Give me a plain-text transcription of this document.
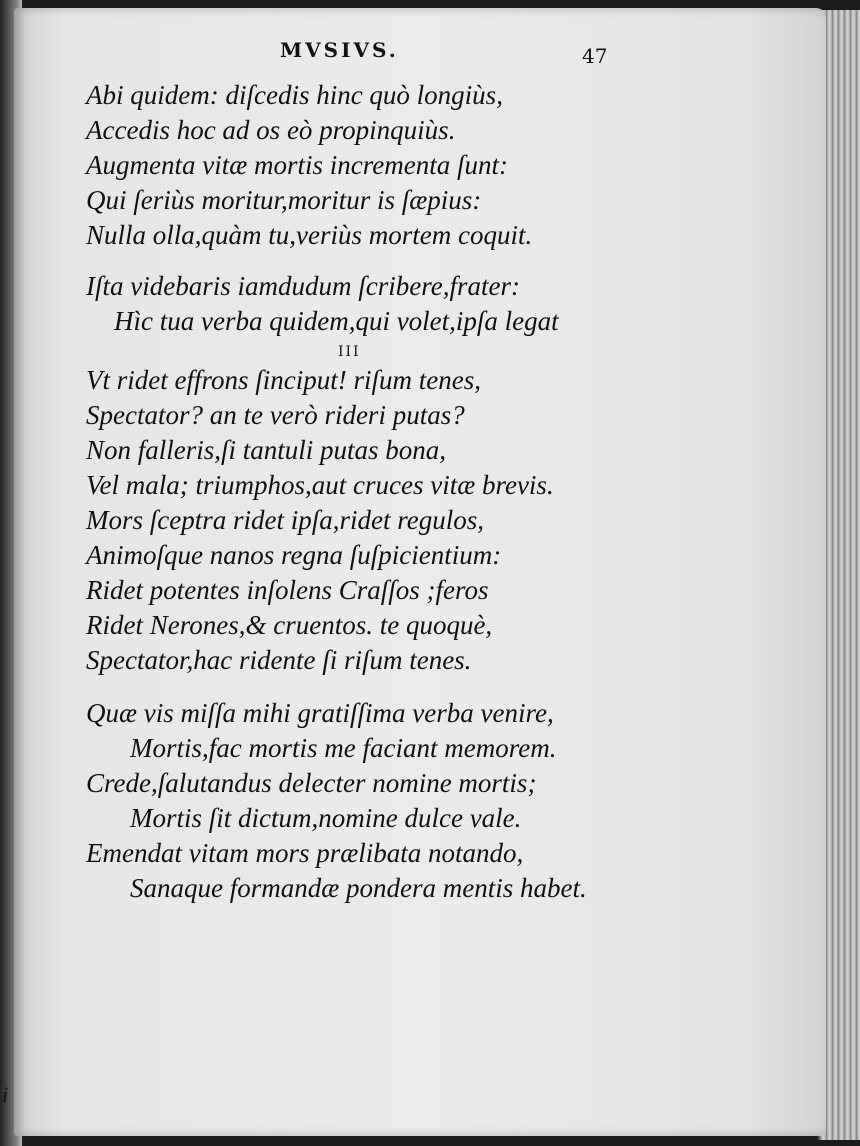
MVSIVS.	47
Abi quidem: diſcedis hinc quò longiùs,
Accedis hoc ad os eò propinquiùs.
Augmenta vitæ mortis incrementa ſunt:
Qui ſeriùs moritur,moritur is ſæpius:
Nulla olla,quàm tu,veriùs mortem coquit.
Iſta videbaris iamdudum ſcribere,frater:
Hìc tua verba quidem,qui volet,ipſa legat
III
Vt ridet effrons ſinciput! riſum tenes,
Spectator? an te verò rideri putas?
Non falleris,ſi tantuli putas bona,
Vel mala; triumphos,aut cruces vitæ brevis.
Mors ſceptra ridet ipſa,ridet regulos,
Animoſque nanos regna ſuſpicientium:
Ridet potentes inſolens Craſſos ;feros
Ridet Nerones,& cruentos. te quoquè,
Spectator,hac ridente ſi riſum tenes.
Quæ vis miſſa mihi gratiſſima verba venire,
Mortis,fac mortis me faciant memorem.
Crede,ſalutandus delecter nomine mortis;
Mortis ſit dictum,nomine dulce vale.
Emendat vitam mors prælibata notando,
Sanaque formandæ pondera mentis habet.
i
